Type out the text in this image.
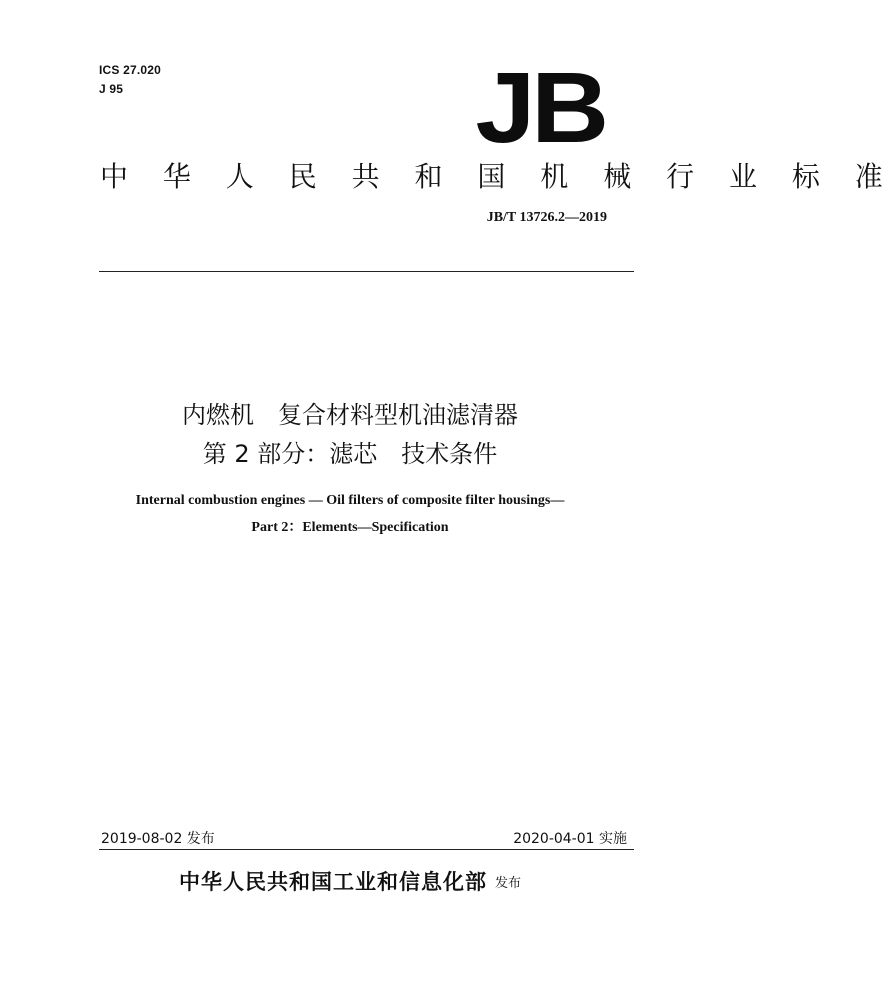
ICS 27.020
J 95	JB
中 华 人 民 共 和 国 机 械 行 业 标 准
JB/T 13726.2—2019
内燃机　复合材料型机油滤清器
第 2 部分：滤芯　技术条件
Internal combustion engines — Oil filters of composite filter housings—
Part 2：Elements—Specification
2019-08-02 发布	2020-04-01 实施
中华人民共和国工业和信息化部 发布
